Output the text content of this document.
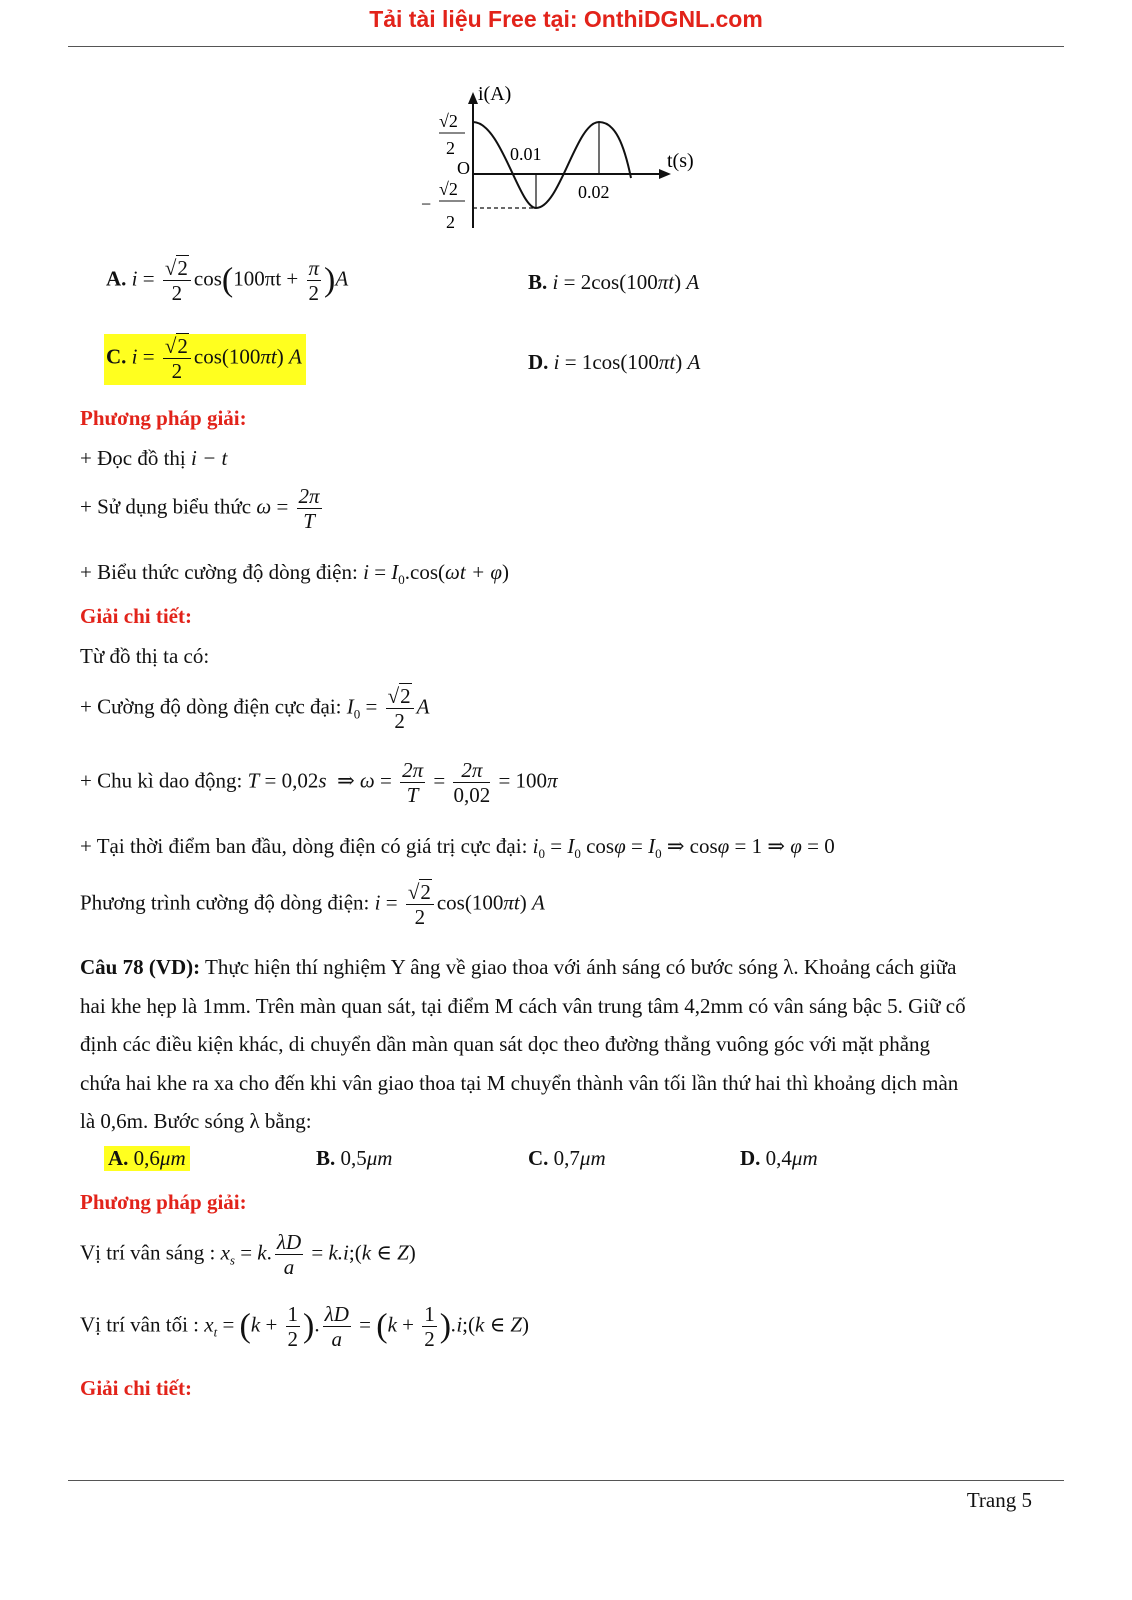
Tải tài liệu Free tại: OnthiDGNL.com
i(A)
t(s)
O
0.01
0.02
√2
2
−
√2
2
A. $i = \frac{√2}{2} \cos(100\pi t + \frac{\pi}{2} )A$	B. i = 2cos(100πt) A
C. $i = \frac{√2}{2} \cos(100\pi t)$ A	D. i = 1cos(100πt) A
Phương pháp giải:
+ Đọc đồ thị i − t
+ Sử dụng biểu thức $\omega = \frac{2\pi}{T}$
+ Biểu thức cường độ dòng điện: $i = I_0.\cos(\omega t + \varphi)$
Giải chi tiết:
Từ đồ thị ta có:
+ Cường độ dòng điện cực đại: $I_0 = \frac{√2}{2}$ A
+ Chu kì dao động: T = 0,02s  ⇒ $\omega = \frac{2\pi}{T} = \frac{2\pi}{0,02} = 100\pi$
+ Tại thời điểm ban đầu, dòng điện có giá trị cực đại: $i_0 = I_0$ $\cos\varphi = I_0$ ⇒ cosφ = 1 ⇒ φ = 0
Phương trình cường độ dòng điện: $i = \frac{√2}{2} \cos(100\pi t)$ A
Câu 78 (VD): Thực hiện thí nghiệm Y âng về giao thoa với ánh sáng có bước sóng λ. Khoảng cách giữa
hai khe hẹp là 1mm. Trên màn quan sát, tại điểm M cách vân trung tâm 4,2mm có vân sáng bậc 5. Giữ cố
định các điều kiện khác, di chuyển dần màn quan sát dọc theo đường thẳng vuông góc với mặt phẳng
chứa hai khe ra xa cho đến khi vân giao thoa tại M chuyển thành vân tối lần thứ hai thì khoảng dịch màn
là 0,6m. Bước sóng λ bằng:
A. 0,6μm	B. 0,5μm	C. 0,7μm	D. 0,4μm
Phương pháp giải:
Vị trí vân sáng : $x_s = k$. $\frac{\lambda D}{a}$ = k.i;(k ∈ Z)
Vị trí vân tối : $x_t = (k + \frac{1}{2}$ ). $\frac{\lambda D}{a} = (k + \frac{1}{2}$ ).i;(k ∈ Z)
Giải chi tiết:
Trang 5
